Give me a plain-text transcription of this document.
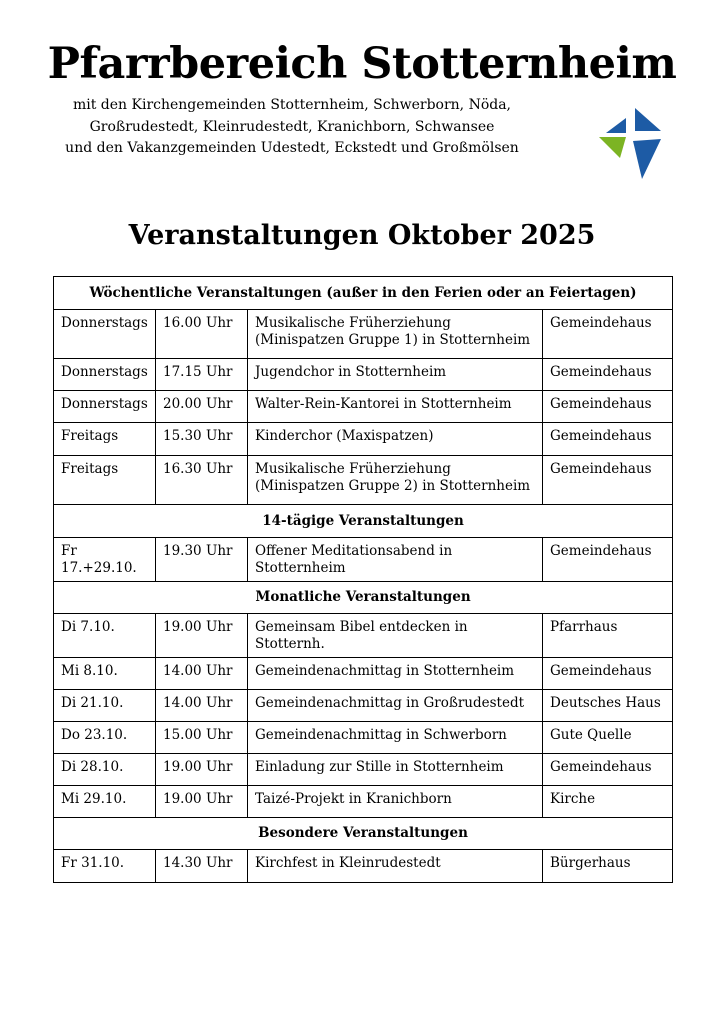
Pfarrbereich Stotternheim
mit den Kirchengemeinden Stotternheim, Schwerborn, Nöda,
Großrudestedt, Kleinrudestedt, Kranichborn, Schwansee
und den Vakanzgemeinden Udestedt, Eckstedt und Großmölsen
Veranstaltungen Oktober 2025
Wöchentliche Veranstaltungen (außer in den Ferien oder an Feiertagen)			
Donnerstags	16.00 Uhr	Musikalische Früherziehung (Minispatzen Gruppe 1) in Stotternheim	Gemeindehaus
Donnerstags	17.15 Uhr	Jugendchor in Stotternheim	Gemeindehaus
Donnerstags	20.00 Uhr	Walter-Rein-Kantorei in Stotternheim	Gemeindehaus
Freitags	15.30 Uhr	Kinderchor (Maxispatzen)	Gemeindehaus
Freitags	16.30 Uhr	Musikalische Früherziehung (Minispatzen Gruppe 2) in Stotternheim	Gemeindehaus
14-tägige Veranstaltungen			
Fr 17.+29.10.	19.30 Uhr	Offener Meditationsabend in Stotternheim	Gemeindehaus
Monatliche Veranstaltungen			
Di 7.10.	19.00 Uhr	Gemeinsam Bibel entdecken in Stotternh.	Pfarrhaus
Mi 8.10.	14.00 Uhr	Gemeindenachmittag in Stotternheim	Gemeindehaus
Di 21.10.	14.00 Uhr	Gemeindenachmittag in Großrudestedt	Deutsches Haus
Do 23.10.	15.00 Uhr	Gemeindenachmittag in Schwerborn	Gute Quelle
Di 28.10.	19.00 Uhr	Einladung zur Stille in Stotternheim	Gemeindehaus
Mi 29.10.	19.00 Uhr	Taizé-Projekt in Kranichborn	Kirche
Besondere Veranstaltungen			
Fr 31.10.	14.30 Uhr	Kirchfest in Kleinrudestedt	Bürgerhaus
